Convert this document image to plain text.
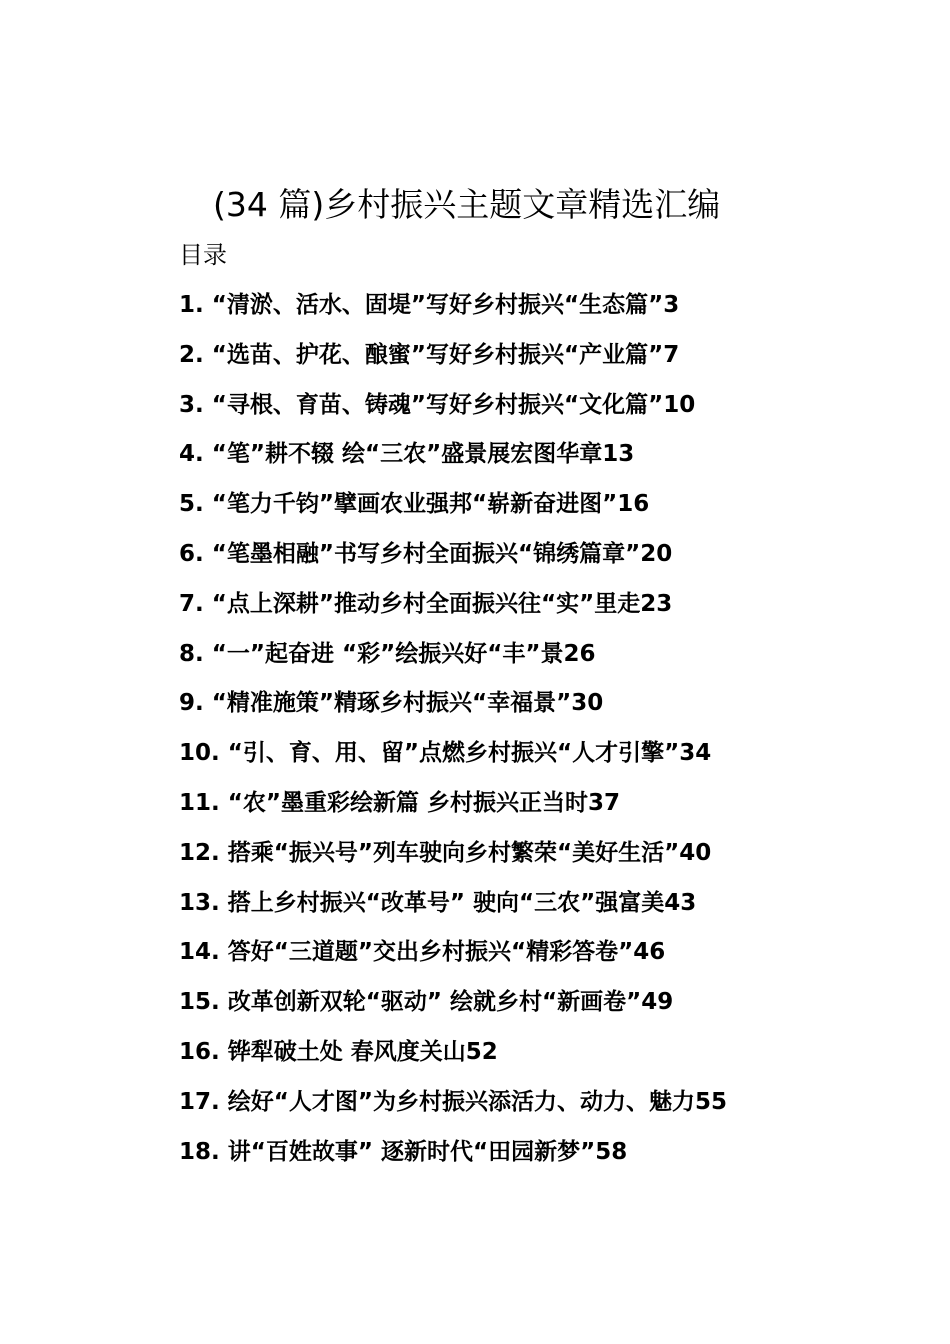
(34 篇)乡村振兴主题文章精选汇编
目录
1. “清淤、活水、固堤”写好乡村振兴“生态篇”3
2. “选苗、护花、酿蜜”写好乡村振兴“产业篇”7
3. “寻根、育苗、铸魂”写好乡村振兴“文化篇”10
4. “笔”耕不辍 绘“三农”盛景展宏图华章13
5. “笔力千钧”擘画农业强邦“崭新奋进图”16
6. “笔墨相融”书写乡村全面振兴“锦绣篇章”20
7. “点上深耕”推动乡村全面振兴往“实”里走23
8. “一”起奋进 “彩”绘振兴好“丰”景26
9. “精准施策”精琢乡村振兴“幸福景”30
10. “引、育、用、留”点燃乡村振兴“人才引擎”34
11. “农”墨重彩绘新篇 乡村振兴正当时37
12. 搭乘“振兴号”列车驶向乡村繁荣“美好生活”40
13. 搭上乡村振兴“改革号” 驶向“三农”强富美43
14. 答好“三道题”交出乡村振兴“精彩答卷”46
15. 改革创新双轮“驱动” 绘就乡村“新画卷”49
16. 铧犁破土处 春风度关山52
17. 绘好“人才图”为乡村振兴添活力、动力、魅力55
18. 讲“百姓故事” 逐新时代“田园新梦”58
